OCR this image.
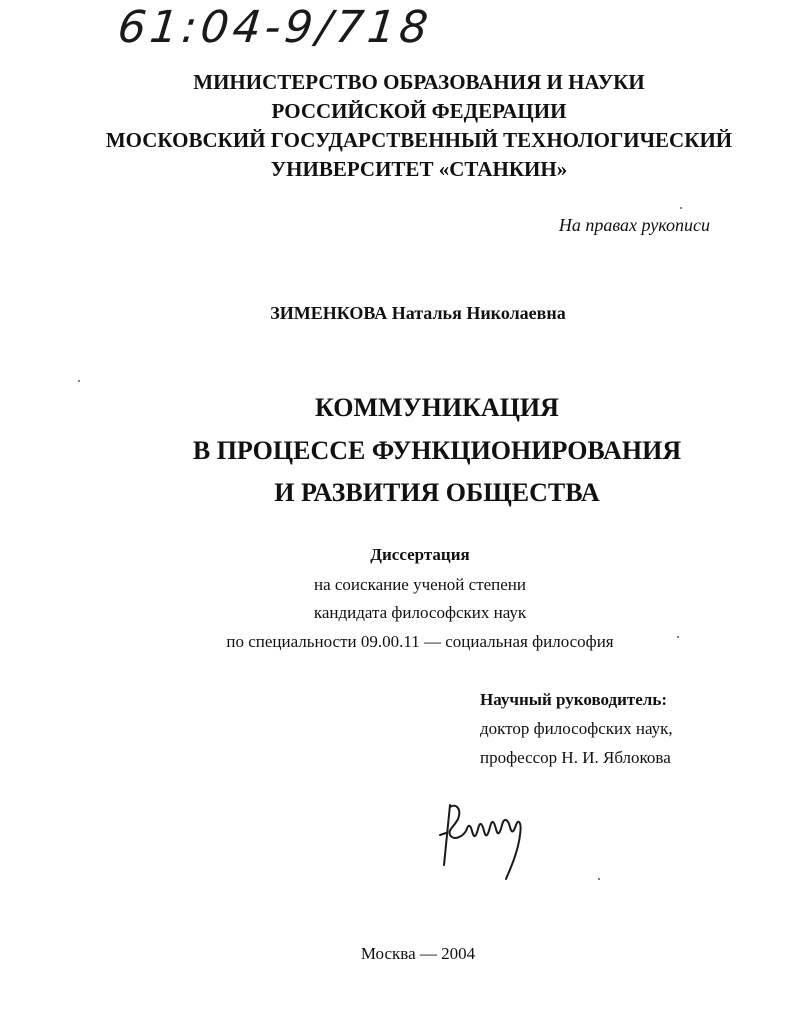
61:04-9/718
МИНИСТЕРСТВО ОБРАЗОВАНИЯ И НАУКИ
РОССИЙСКОЙ ФЕДЕРАЦИИ
МОСКОВСКИЙ ГОСУДАРСТВЕННЫЙ ТЕХНОЛОГИЧЕСКИЙ
УНИВЕРСИТЕТ «СТАНКИН»
На правах рукописи
ЗИМЕНКОВА Наталья Николаевна
КОММУНИКАЦИЯ
В ПРОЦЕССЕ ФУНКЦИОНИРОВАНИЯ
И РАЗВИТИЯ ОБЩЕСТВА
Диссертация
на соискание ученой степени
кандидата философских наук
по специальности 09.00.11 — социальная философия
Научный руководитель:
доктор философских наук,
профессор Н. И. Яблокова
Москва — 2004
